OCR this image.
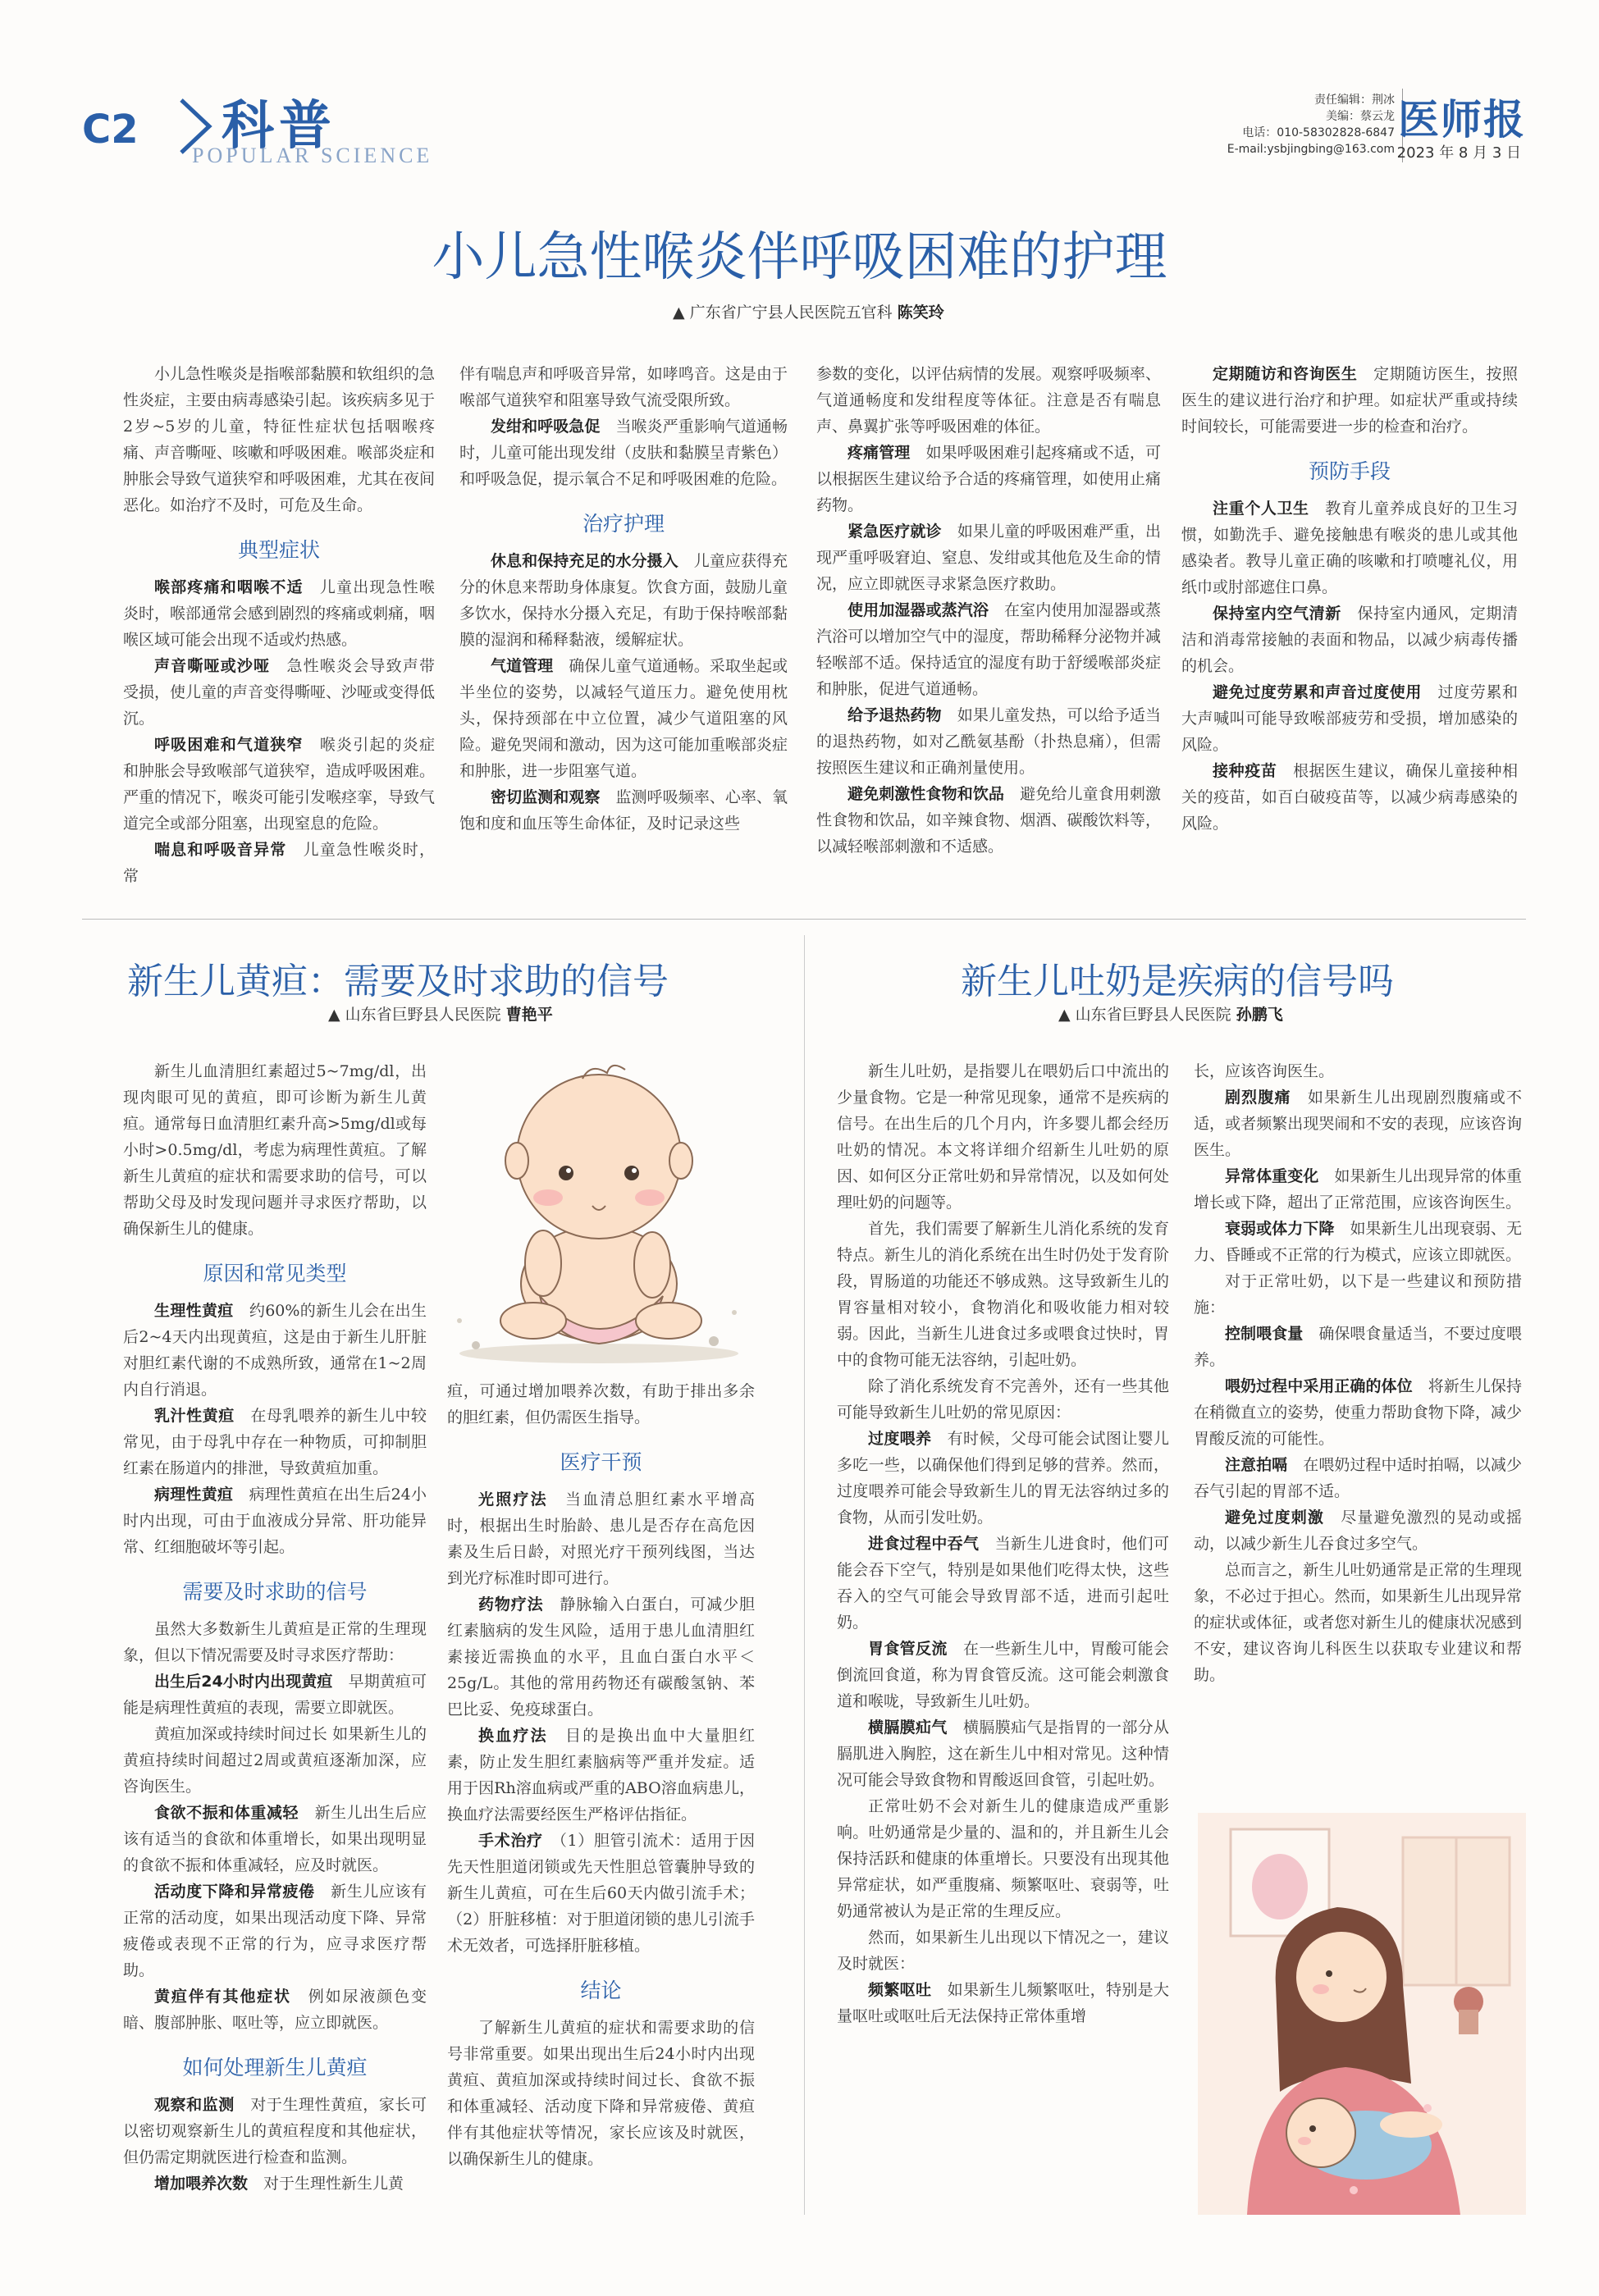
C2 科普
POPULAR SCIENCE
责任编辑：荆冰
美编：蔡云龙
电话：010-58302828-6847
E-mail:ysbjingbing@163.com
医师报
2023 年 8 月 3 日
小儿急性喉炎伴呼吸困难的护理
▲ 广东省广宁县人民医院五官科 陈笑玲

小儿急性喉炎是指喉部黏膜和软组织的急性炎症，主要由病毒感染引起。该疾病多见于2岁~5岁的儿童，特征性症状包括咽喉疼痛、声音嘶哑、咳嗽和呼吸困难。喉部炎症和肿胀会导致气道狭窄和呼吸困难，尤其在夜间恶化。如治疗不及时，可危及生命。

典型症状

喉部疼痛和咽喉不适　儿童出现急性喉炎时，喉部通常会感到剧烈的疼痛或刺痛，咽喉区域可能会出现不适或灼热感。

声音嘶哑或沙哑　急性喉炎会导致声带受损，使儿童的声音变得嘶哑、沙哑或变得低沉。

呼吸困难和气道狭窄　喉炎引起的炎症和肿胀会导致喉部气道狭窄，造成呼吸困难。严重的情况下，喉炎可能引发喉痉挛，导致气道完全或部分阻塞，出现窒息的危险。

喘息和呼吸音异常　儿童急性喉炎时，常

伴有喘息声和呼吸音异常，如哮鸣音。这是由于喉部气道狭窄和阻塞导致气流受限所致。

发绀和呼吸急促　当喉炎严重影响气道通畅时，儿童可能出现发绀（皮肤和黏膜呈青紫色）和呼吸急促，提示氧合不足和呼吸困难的危险。

治疗护理

休息和保持充足的水分摄入　儿童应获得充分的休息来帮助身体康复。饮食方面，鼓励儿童多饮水，保持水分摄入充足，有助于保持喉部黏膜的湿润和稀释黏液，缓解症状。

气道管理　确保儿童气道通畅。采取坐起或半坐位的姿势，以减轻气道压力。避免使用枕头，保持颈部在中立位置，减少气道阻塞的风险。避免哭闹和激动，因为这可能加重喉部炎症和肿胀，进一步阻塞气道。

密切监测和观察　监测呼吸频率、心率、氧饱和度和血压等生命体征，及时记录这些

参数的变化，以评估病情的发展。观察呼吸频率、气道通畅度和发绀程度等体征。注意是否有喘息声、鼻翼扩张等呼吸困难的体征。

疼痛管理　如果呼吸困难引起疼痛或不适，可以根据医生建议给予合适的疼痛管理，如使用止痛药物。

紧急医疗就诊　如果儿童的呼吸困难严重，出现严重呼吸窘迫、窒息、发绀或其他危及生命的情况，应立即就医寻求紧急医疗救助。

使用加湿器或蒸汽浴　在室内使用加湿器或蒸汽浴可以增加空气中的湿度，帮助稀释分泌物并减轻喉部不适。保持适宜的湿度有助于舒缓喉部炎症和肿胀，促进气道通畅。

给予退热药物　如果儿童发热，可以给予适当的退热药物，如对乙酰氨基酚（扑热息痛），但需按照医生建议和正确剂量使用。

避免刺激性食物和饮品　避免给儿童食用刺激性食物和饮品，如辛辣食物、烟酒、碳酸饮料等，以减轻喉部刺激和不适感。

定期随访和咨询医生　定期随访医生，按照医生的建议进行治疗和护理。如症状严重或持续时间较长，可能需要进一步的检查和治疗。

预防手段

注重个人卫生　教育儿童养成良好的卫生习惯，如勤洗手、避免接触患有喉炎的患儿或其他感染者。教导儿童正确的咳嗽和打喷嚏礼仪，用纸巾或肘部遮住口鼻。

保持室内空气清新　保持室内通风，定期清洁和消毒常接触的表面和物品，以减少病毒传播的机会。

避免过度劳累和声音过度使用　过度劳累和大声喊叫可能导致喉部疲劳和受损，增加感染的风险。

接种疫苗　根据医生建议，确保儿童接种相关的疫苗，如百白破疫苗等，以减少病毒感染的风险。

新生儿黄疸：需要及时求助的信号
▲ 山东省巨野县人民医院 曹艳平

新生儿血清胆红素超过5~7mg/dl，出现肉眼可见的黄疸，即可诊断为新生儿黄疸。通常每日血清胆红素升高>5mg/dl或每小时>0.5mg/dl，考虑为病理性黄疸。了解新生儿黄疸的症状和需要求助的信号，可以帮助父母及时发现问题并寻求医疗帮助，以确保新生儿的健康。

原因和常见类型

生理性黄疸　约60%的新生儿会在出生后2~4天内出现黄疸，这是由于新生儿肝脏对胆红素代谢的不成熟所致，通常在1~2周内自行消退。

乳汁性黄疸　在母乳喂养的新生儿中较常见，由于母乳中存在一种物质，可抑制胆红素在肠道内的排泄，导致黄疸加重。

病理性黄疸　病理性黄疸在出生后24小时内出现，可由于血液成分异常、肝功能异常、红细胞破坏等引起。

需要及时求助的信号

虽然大多数新生儿黄疸是正常的生理现象，但以下情况需要及时寻求医疗帮助：

出生后24小时内出现黄疸　早期黄疸可能是病理性黄疸的表现，需要立即就医。

黄疸加深或持续时间过长 如果新生儿的黄疸持续时间超过2周或黄疸逐渐加深，应咨询医生。

食欲不振和体重减轻　新生儿出生后应该有适当的食欲和体重增长，如果出现明显的食欲不振和体重减轻，应及时就医。

活动度下降和异常疲倦　新生儿应该有正常的活动度，如果出现活动度下降、异常疲倦或表现不正常的行为，应寻求医疗帮助。

黄疸伴有其他症状　例如尿液颜色变暗、腹部肿胀、呕吐等，应立即就医。

如何处理新生儿黄疸

观察和监测　对于生理性黄疸，家长可以密切观察新生儿的黄疸程度和其他症状，但仍需定期就医进行检查和监测。

增加喂养次数　对于生理性新生儿黄

疸，可通过增加喂养次数，有助于排出多余的胆红素，但仍需医生指导。

医疗干预

光照疗法　当血清总胆红素水平增高时，根据出生时胎龄、患儿是否存在高危因素及生后日龄，对照光疗干预列线图，当达到光疗标准时即可进行。

药物疗法　静脉输入白蛋白，可减少胆红素脑病的发生风险，适用于患儿血清胆红素接近需换血的水平，且血白蛋白水平＜25g/L。其他的常用药物还有碳酸氢钠、苯巴比妥、免疫球蛋白。

换血疗法　目的是换出血中大量胆红素，防止发生胆红素脑病等严重并发症。适用于因Rh溶血病或严重的ABO溶血病患儿，换血疗法需要经医生严格评估指征。

手术治疗　（1）胆管引流术：适用于因先天性胆道闭锁或先天性胆总管囊肿导致的新生儿黄疸，可在生后60天内做引流手术；（2）肝脏移植：对于胆道闭锁的患儿引流手术无效者，可选择肝脏移植。

结论

了解新生儿黄疸的症状和需要求助的信号非常重要。如果出现出生后24小时内出现黄疸、黄疸加深或持续时间过长、食欲不振和体重减轻、活动度下降和异常疲倦、黄疸伴有其他症状等情况，家长应该及时就医，以确保新生儿的健康。

新生儿吐奶是疾病的信号吗
▲ 山东省巨野县人民医院 孙鹏飞

新生儿吐奶，是指婴儿在喂奶后口中流出的少量食物。它是一种常见现象，通常不是疾病的信号。在出生后的几个月内，许多婴儿都会经历吐奶的情况。本文将详细介绍新生儿吐奶的原因、如何区分正常吐奶和异常情况，以及如何处理吐奶的问题等。

首先，我们需要了解新生儿消化系统的发育特点。新生儿的消化系统在出生时仍处于发育阶段，胃肠道的功能还不够成熟。这导致新生儿的胃容量相对较小，食物消化和吸收能力相对较弱。因此，当新生儿进食过多或喂食过快时，胃中的食物可能无法容纳，引起吐奶。

除了消化系统发育不完善外，还有一些其他可能导致新生儿吐奶的常见原因：

过度喂养　有时候，父母可能会试图让婴儿多吃一些，以确保他们得到足够的营养。然而，过度喂养可能会导致新生儿的胃无法容纳过多的食物，从而引发吐奶。

进食过程中吞气　当新生儿进食时，他们可能会吞下空气，特别是如果他们吃得太快，这些吞入的空气可能会导致胃部不适，进而引起吐奶。

胃食管反流　在一些新生儿中，胃酸可能会倒流回食道，称为胃食管反流。这可能会刺激食道和喉咙，导致新生儿吐奶。

横膈膜疝气　横膈膜疝气是指胃的一部分从膈肌进入胸腔，这在新生儿中相对常见。这种情况可能会导致食物和胃酸返回食管，引起吐奶。

正常吐奶不会对新生儿的健康造成严重影响。吐奶通常是少量的、温和的，并且新生儿会保持活跃和健康的体重增长。只要没有出现其他异常症状，如严重腹痛、频繁呕吐、衰弱等，吐奶通常被认为是正常的生理反应。

然而，如果新生儿出现以下情况之一，建议及时就医：

频繁呕吐　如果新生儿频繁呕吐，特别是大量呕吐或呕吐后无法保持正常体重增

长，应该咨询医生。

剧烈腹痛　如果新生儿出现剧烈腹痛或不适，或者频繁出现哭闹和不安的表现，应该咨询医生。

异常体重变化　如果新生儿出现异常的体重增长或下降，超出了正常范围，应该咨询医生。

衰弱或体力下降　如果新生儿出现衰弱、无力、昏睡或不正常的行为模式，应该立即就医。

对于正常吐奶，以下是一些建议和预防措施：

控制喂食量　确保喂食量适当，不要过度喂养。

喂奶过程中采用正确的体位　将新生儿保持在稍微直立的姿势，使重力帮助食物下降，减少胃酸反流的可能性。

注意拍嗝　在喂奶过程中适时拍嗝，以减少吞气引起的胃部不适。

避免过度刺激　尽量避免激烈的晃动或摇动，以减少新生儿吞食过多空气。

总而言之，新生儿吐奶通常是正常的生理现象，不必过于担心。然而，如果新生儿出现异常的症状或体征，或者您对新生儿的健康状况感到不安，建议咨询儿科医生以获取专业建议和帮助。
